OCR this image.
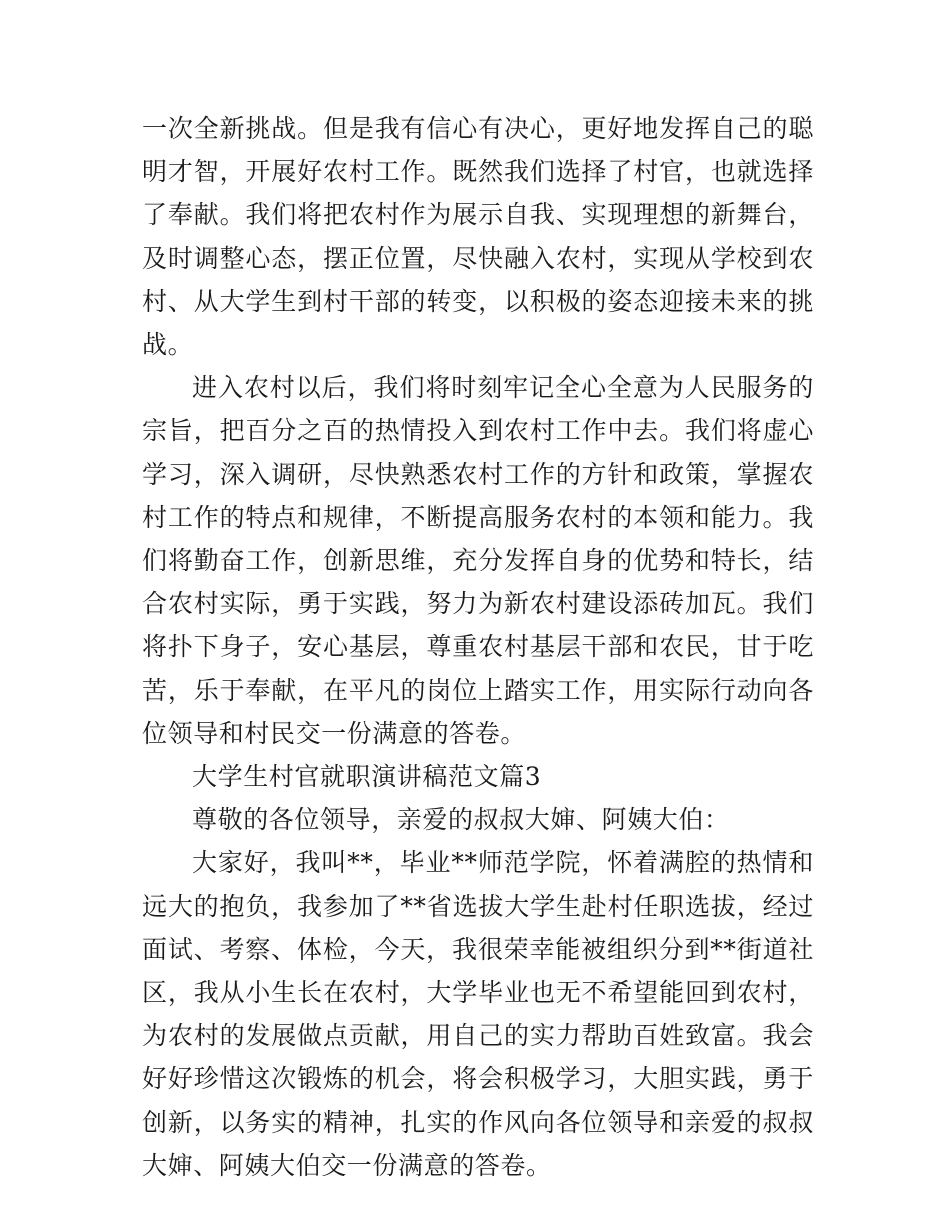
一次全新挑战。但是我有信心有决心，更好地发挥自己的聪明才智，开展好农村工作。既然我们选择了村官，也就选择了奉献。我们将把农村作为展示自我、实现理想的新舞台，及时调整心态，摆正位置，尽快融入农村，实现从学校到农村、从大学生到村干部的转变，以积极的姿态迎接未来的挑战。

进入农村以后，我们将时刻牢记全心全意为人民服务的宗旨，把百分之百的热情投入到农村工作中去。我们将虚心学习，深入调研，尽快熟悉农村工作的方针和政策，掌握农村工作的特点和规律，不断提高服务农村的本领和能力。我们将勤奋工作，创新思维，充分发挥自身的优势和特长，结合农村实际，勇于实践，努力为新农村建设添砖加瓦。我们将扑下身子，安心基层，尊重农村基层干部和农民，甘于吃苦，乐于奉献，在平凡的岗位上踏实工作，用实际行动向各位领导和村民交一份满意的答卷。

大学生村官就职演讲稿范文篇3

尊敬的各位领导，亲爱的叔叔大婶、阿姨大伯：

大家好，我叫**，毕业**师范学院，怀着满腔的热情和远大的抱负，我参加了**省选拔大学生赴村任职选拔，经过面试、考察、体检，今天，我很荣幸能被组织分到**街道社区，我从小生长在农村，大学毕业也无不希望能回到农村，为农村的发展做点贡献，用自己的实力帮助百姓致富。我会好好珍惜这次锻炼的机会，将会积极学习，大胆实践，勇于创新，以务实的精神，扎实的作风向各位领导和亲爱的叔叔大婶、阿姨大伯交一份满意的答卷。
